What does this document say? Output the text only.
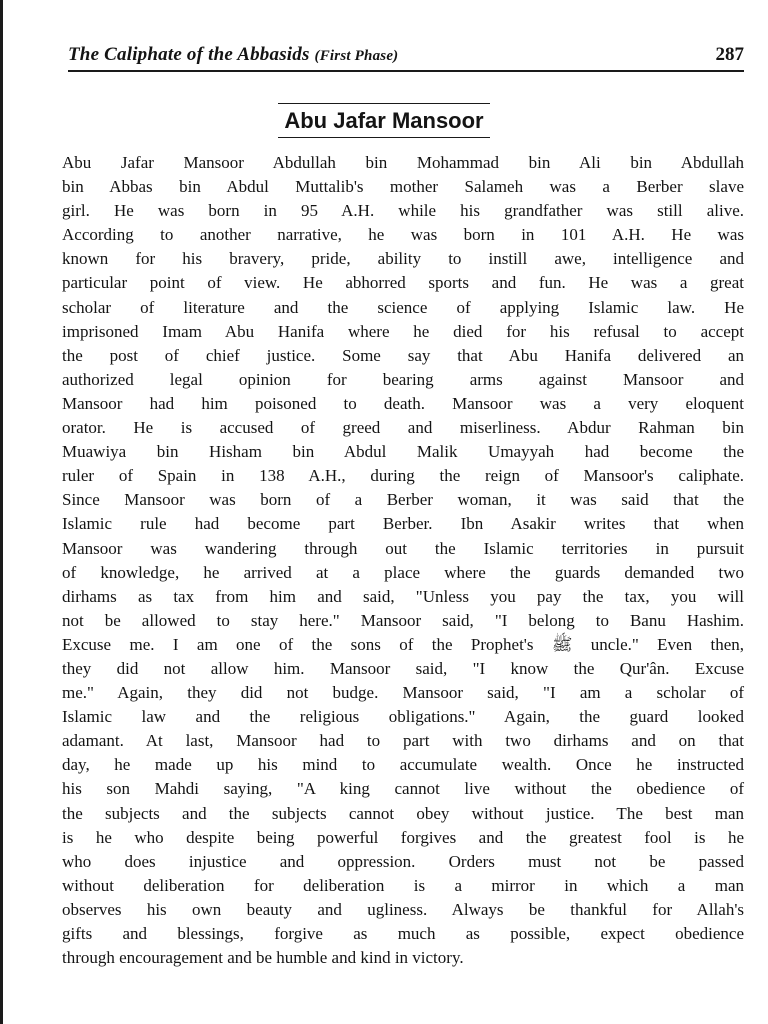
The Caliphate of the Abbasids (First Phase)	287
Abu Jafar Mansoor
Abu Jafar Mansoor Abdullah bin Mohammad bin Ali bin Abdullah
bin Abbas bin Abdul Muttalib's mother Salameh was a Berber slave
girl. He was born in 95 A.H. while his grandfather was still alive.
According to another narrative, he was born in 101 A.H. He was
known for his bravery, pride, ability to instill awe, intelligence and
particular point of view. He abhorred sports and fun. He was a great
scholar of literature and the science of applying Islamic law. He
imprisoned Imam Abu Hanifa where he died for his refusal to accept
the post of chief justice. Some say that Abu Hanifa delivered an
authorized legal opinion for bearing arms against Mansoor and
Mansoor had him poisoned to death. Mansoor was a very eloquent
orator. He is accused of greed and miserliness. Abdur Rahman bin
Muawiya bin Hisham bin Abdul Malik Umayyah had become the
ruler of Spain in 138 A.H., during the reign of Mansoor's caliphate.
Since Mansoor was born of a Berber woman, it was said that the
Islamic rule had become part Berber. Ibn Asakir writes that when
Mansoor was wandering through out the Islamic territories in pursuit
of knowledge, he arrived at a place where the guards demanded two
dirhams as tax from him and said, "Unless you pay the tax, you will
not be allowed to stay here." Mansoor said, "I belong to Banu Hashim.
Excuse me. I am one of the sons of the Prophet's ﷺ uncle." Even then,
they did not allow him. Mansoor said, "I know the Qur'ân. Excuse
me." Again, they did not budge. Mansoor said, "I am a scholar of
Islamic law and the religious obligations." Again, the guard looked
adamant. At last, Mansoor had to part with two dirhams and on that
day, he made up his mind to accumulate wealth. Once he instructed
his son Mahdi saying, "A king cannot live without the obedience of
the subjects and the subjects cannot obey without justice. The best man
is he who despite being powerful forgives and the greatest fool is he
who does injustice and oppression. Orders must not be passed
without deliberation for deliberation is a mirror in which a man
observes his own beauty and ugliness. Always be thankful for Allah's
gifts and blessings, forgive as much as possible, expect obedience
through encouragement and be humble and kind in victory.
